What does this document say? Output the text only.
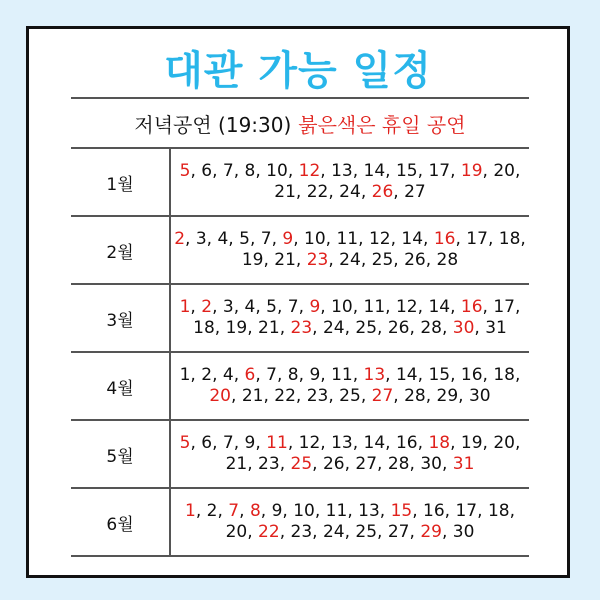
대관 가능 일정
저녁공연 (19:30) 붉은색은 휴일 공연
1월	5, 6, 7, 8, 10, 12, 13, 14, 15, 17, 19, 20, 21, 22, 24, 26, 27
2월	2, 3, 4, 5, 7, 9, 10, 11, 12, 14, 16, 17, 18, 19, 21, 23, 24, 25, 26, 28
3월	1, 2, 3, 4, 5, 7, 9, 10, 11, 12, 14, 16, 17, 18, 19, 21, 23, 24, 25, 26, 28, 30, 31
4월	1, 2, 4, 6, 7, 8, 9, 11, 13, 14, 15, 16, 18, 20, 21, 22, 23, 25, 27, 28, 29, 30
5월	5, 6, 7, 9, 11, 12, 13, 14, 16, 18, 19, 20, 21, 23, 25, 26, 27, 28, 30, 31
6월	1, 2, 7, 8, 9, 10, 11, 13, 15, 16, 17, 18, 20, 22, 23, 24, 25, 27, 29, 30
